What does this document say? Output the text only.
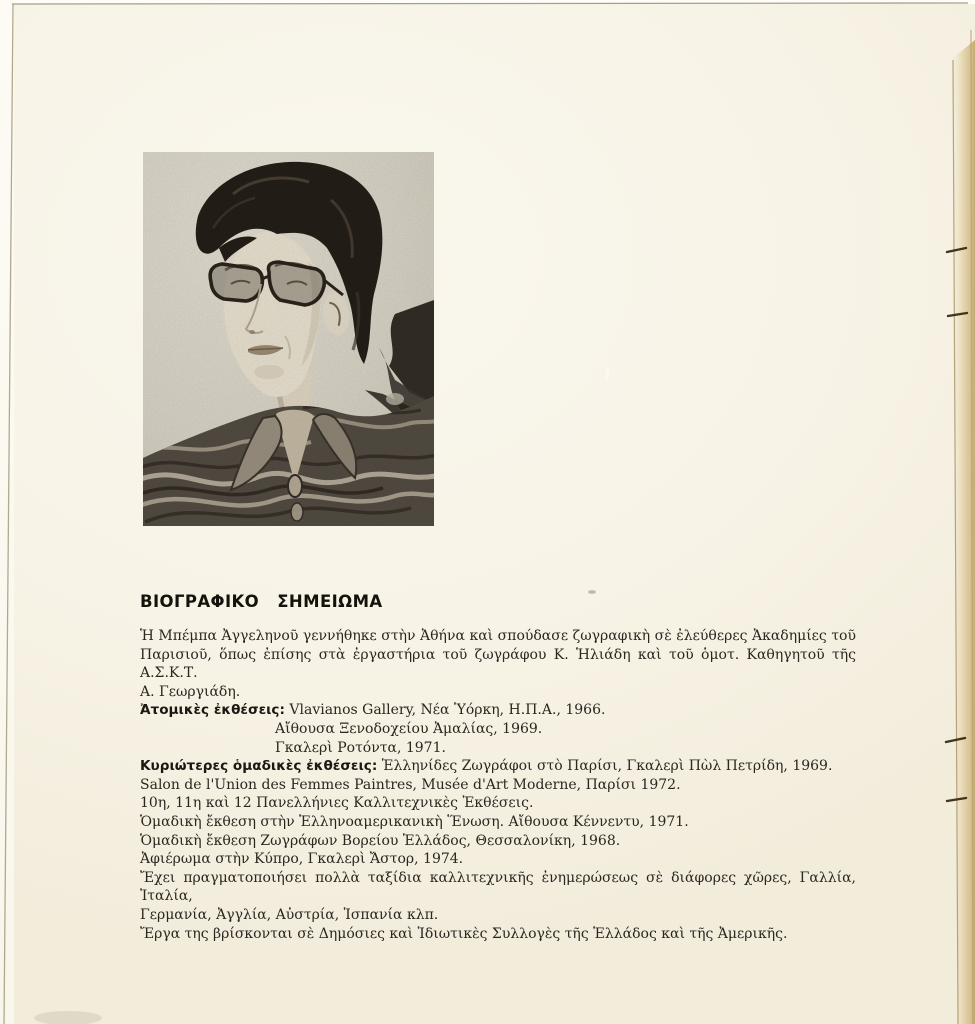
ΒΙΟΓΡΑΦΙΚΟ ΣΗΜΕΙΩΜΑ
Ἡ Μπέμπα Ἀγγεληνοῦ γεννήθηκε στὴν Ἀθήνα καὶ σπούδασε ζωγραφικὴ σὲ ἐλεύθερες Ἀκαδημίες τοῦ
Παρισιοῦ, ὅπως ἐπίσης στὰ ἐργαστήρια τοῦ ζωγράφου Κ. Ἡλιάδη καὶ τοῦ ὁμοτ. Καθηγητοῦ τῆς Α.Σ.Κ.Τ.
Α. Γεωργιάδη.
Ἀτομικὲς ἐκθέσεις: Vlavianos Gallery, Νέα Ὑόρκη, Η.Π.Α., 1966.
Αἴθουσα Ξενοδοχείου Ἀμαλίας, 1969.
Γκαλερὶ Ροτόντα, 1971.
Κυριώτερες ὁμαδικὲς ἐκθέσεις: Ἑλληνίδες Ζωγράφοι στὸ Παρίσι, Γκαλερὶ Πὼλ Πετρίδη, 1969.
Salon de l'Union des Femmes Paintres, Musée d'Art Moderne, Παρίσι 1972.
10η, 11η καὶ 12 Πανελλήνιες Καλλιτεχνικὲς Ἐκθέσεις.
Ὁμαδικὴ ἔκθεση στὴν Ἑλληνοαμερικανικὴ Ἕνωση. Αἴθουσα Κέννεντυ, 1971.
Ὁμαδικὴ ἔκθεση Ζωγράφων Βορείου Ἑλλάδος, Θεσσαλονίκη, 1968.
Ἀφιέρωμα στὴν Κύπρο, Γκαλερὶ Ἄστορ, 1974.
Ἔχει πραγματοποιήσει πολλὰ ταξίδια καλλιτεχνικῆς ἐνημερώσεως σὲ διάφορες χῶρες, Γαλλία, Ἰταλία,
Γερμανία, Ἀγγλία, Αὐστρία, Ἱσπανία κλπ.
Ἔργα της βρίσκονται σὲ Δημόσιες καὶ Ἰδιωτικὲς Συλλογὲς τῆς Ἑλλάδος καὶ τῆς Ἀμερικῆς.
